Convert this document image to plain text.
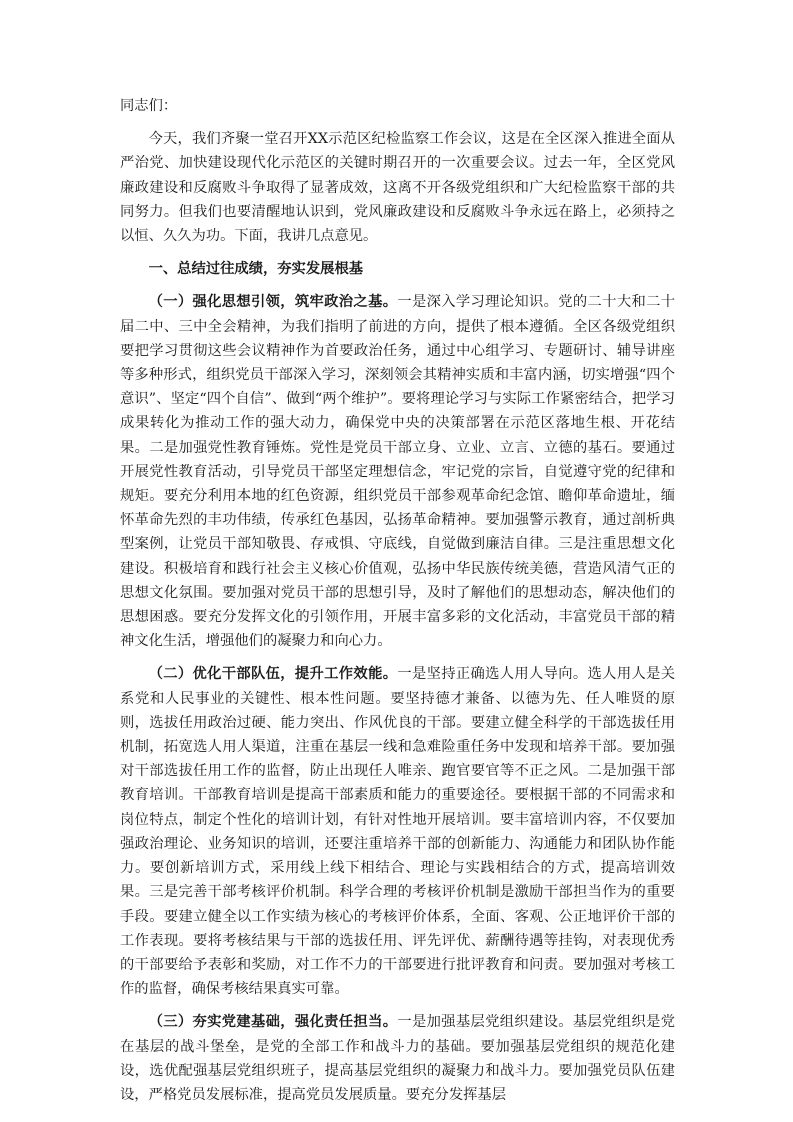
同志们：

今天，我们齐聚一堂召开XX示范区纪检监察工作会议，这是在全区深入推进全面从严治党、加快建设现代化示范区的关键时期召开的一次重要会议。过去一年，全区党风廉政建设和反腐败斗争取得了显著成效，这离不开各级党组织和广大纪检监察干部的共同努力。但我们也要清醒地认识到，党风廉政建设和反腐败斗争永远在路上，必须持之以恒、久久为功。下面，我讲几点意见。

一、总结过往成绩，夯实发展根基

（一）强化思想引领，筑牢政治之基。一是深入学习理论知识。党的二十大和二十届二中、三中全会精神，为我们指明了前进的方向，提供了根本遵循。全区各级党组织要把学习贯彻这些会议精神作为首要政治任务，通过中心组学习、专题研讨、辅导讲座等多种形式，组织党员干部深入学习，深刻领会其精神实质和丰富内涵，切实增强“四个意识”、坚定“四个自信”、做到“两个维护”。要将理论学习与实际工作紧密结合，把学习成果转化为推动工作的强大动力，确保党中央的决策部署在示范区落地生根、开花结果。二是加强党性教育锤炼。党性是党员干部立身、立业、立言、立德的基石。要通过开展党性教育活动，引导党员干部坚定理想信念，牢记党的宗旨，自觉遵守党的纪律和规矩。要充分利用本地的红色资源，组织党员干部参观革命纪念馆、瞻仰革命遗址，缅怀革命先烈的丰功伟绩，传承红色基因，弘扬革命精神。要加强警示教育，通过剖析典型案例，让党员干部知敬畏、存戒惧、守底线，自觉做到廉洁自律。三是注重思想文化建设。积极培育和践行社会主义核心价值观，弘扬中华民族传统美德，营造风清气正的思想文化氛围。要加强对党员干部的思想引导，及时了解他们的思想动态，解决他们的思想困惑。要充分发挥文化的引领作用，开展丰富多彩的文化活动，丰富党员干部的精神文化生活，增强他们的凝聚力和向心力。

（二）优化干部队伍，提升工作效能。一是坚持正确选人用人导向。选人用人是关系党和人民事业的关键性、根本性问题。要坚持德才兼备、以德为先、任人唯贤的原则，选拔任用政治过硬、能力突出、作风优良的干部。要建立健全科学的干部选拔任用机制，拓宽选人用人渠道，注重在基层一线和急难险重任务中发现和培养干部。要加强对干部选拔任用工作的监督，防止出现任人唯亲、跑官要官等不正之风。二是加强干部教育培训。干部教育培训是提高干部素质和能力的重要途径。要根据干部的不同需求和岗位特点，制定个性化的培训计划，有针对性地开展培训。要丰富培训内容，不仅要加强政治理论、业务知识的培训，还要注重培养干部的创新能力、沟通能力和团队协作能力。要创新培训方式，采用线上线下相结合、理论与实践相结合的方式，提高培训效果。三是完善干部考核评价机制。科学合理的考核评价机制是激励干部担当作为的重要手段。要建立健全以工作实绩为核心的考核评价体系，全面、客观、公正地评价干部的工作表现。要将考核结果与干部的选拔任用、评先评优、薪酬待遇等挂钩，对表现优秀的干部要给予表彰和奖励，对工作不力的干部要进行批评教育和问责。要加强对考核工作的监督，确保考核结果真实可靠。

（三）夯实党建基础，强化责任担当。一是加强基层党组织建设。基层党组织是党在基层的战斗堡垒，是党的全部工作和战斗力的基础。要加强基层党组织的规范化建设，选优配强基层党组织班子，提高基层党组织的凝聚力和战斗力。要加强党员队伍建设，严格党员发展标准，提高党员发展质量。要充分发挥基层
